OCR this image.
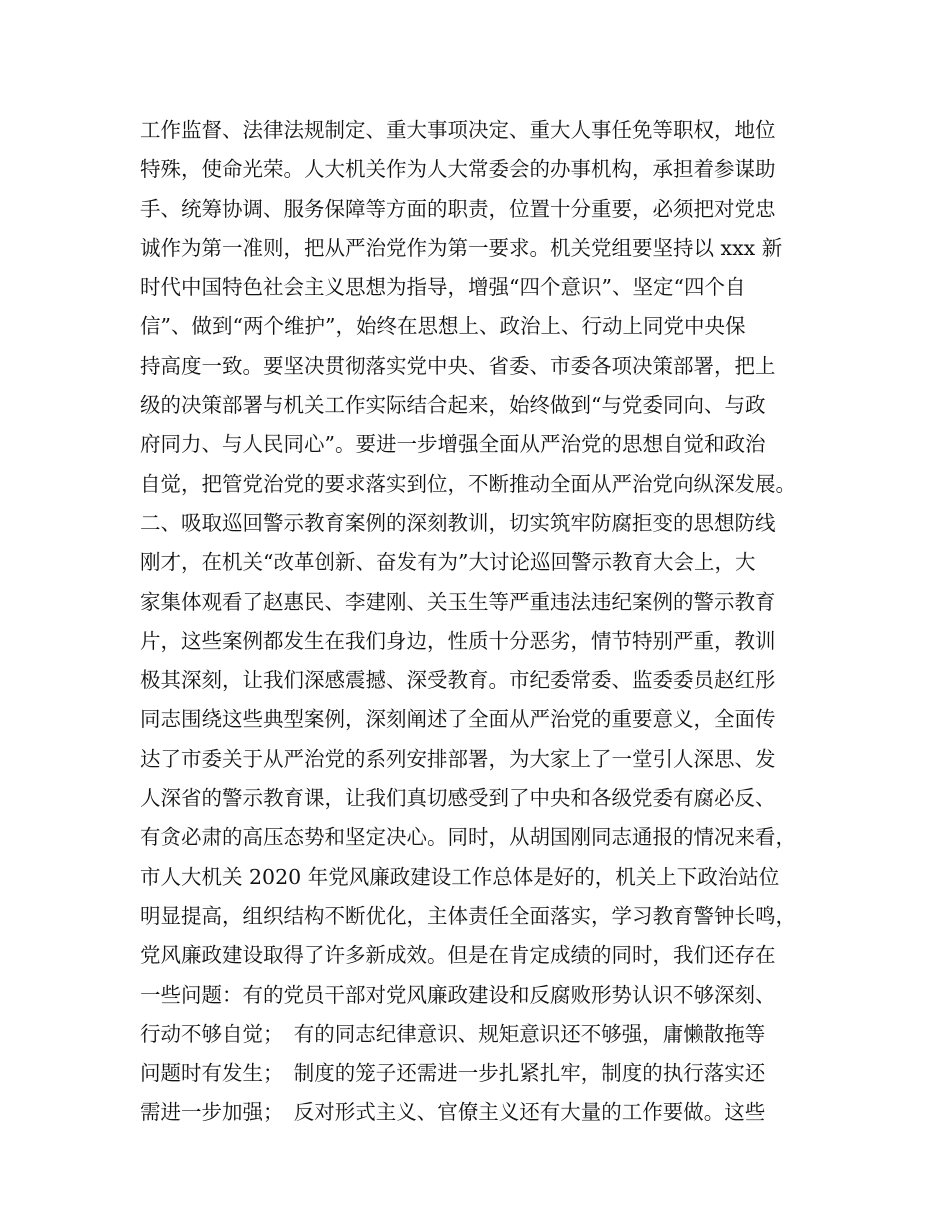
工作监督、法律法规制定、重大事项决定、重大人事任免等职权，地位
特殊，使命光荣。人大机关作为人大常委会的办事机构，承担着参谋助
手、统筹协调、服务保障等方面的职责，位置十分重要，必须把对党忠
诚作为第一准则，把从严治党作为第一要求。机关党组要坚持以 xxx 新
时代中国特色社会主义思想为指导，增强“四个意识”、坚定“四个自
信”、做到“两个维护”，始终在思想上、政治上、行动上同党中央保
持高度一致。要坚决贯彻落实党中央、省委、市委各项决策部署，把上
级的决策部署与机关工作实际结合起来，始终做到“与党委同向、与政
府同力、与人民同心”。要进一步增强全面从严治党的思想自觉和政治
自觉，把管党治党的要求落实到位，不断推动全面从严治党向纵深发展。
二、吸取巡回警示教育案例的深刻教训，切实筑牢防腐拒变的思想防线
刚才，在机关“改革创新、奋发有为”大讨论巡回警示教育大会上，大
家集体观看了赵惠民、李建刚、关玉生等严重违法违纪案例的警示教育
片，这些案例都发生在我们身边，性质十分恶劣，情节特别严重，教训
极其深刻，让我们深感震撼、深受教育。市纪委常委、监委委员赵红彤
同志围绕这些典型案例，深刻阐述了全面从严治党的重要意义，全面传
达了市委关于从严治党的系列安排部署，为大家上了一堂引人深思、发
人深省的警示教育课，让我们真切感受到了中央和各级党委有腐必反、
有贪必肃的高压态势和坚定决心。同时，从胡国刚同志通报的情况来看，
市人大机关 2020 年党风廉政建设工作总体是好的，机关上下政治站位
明显提高，组织结构不断优化，主体责任全面落实，学习教育警钟长鸣，
党风廉政建设取得了许多新成效。但是在肯定成绩的同时，我们还存在
一些问题：有的党员干部对党风廉政建设和反腐败形势认识不够深刻、
行动不够自觉；　有的同志纪律意识、规矩意识还不够强，庸懒散拖等
问题时有发生；　制度的笼子还需进一步扎紧扎牢，制度的执行落实还
需进一步加强；　反对形式主义、官僚主义还有大量的工作要做。这些
